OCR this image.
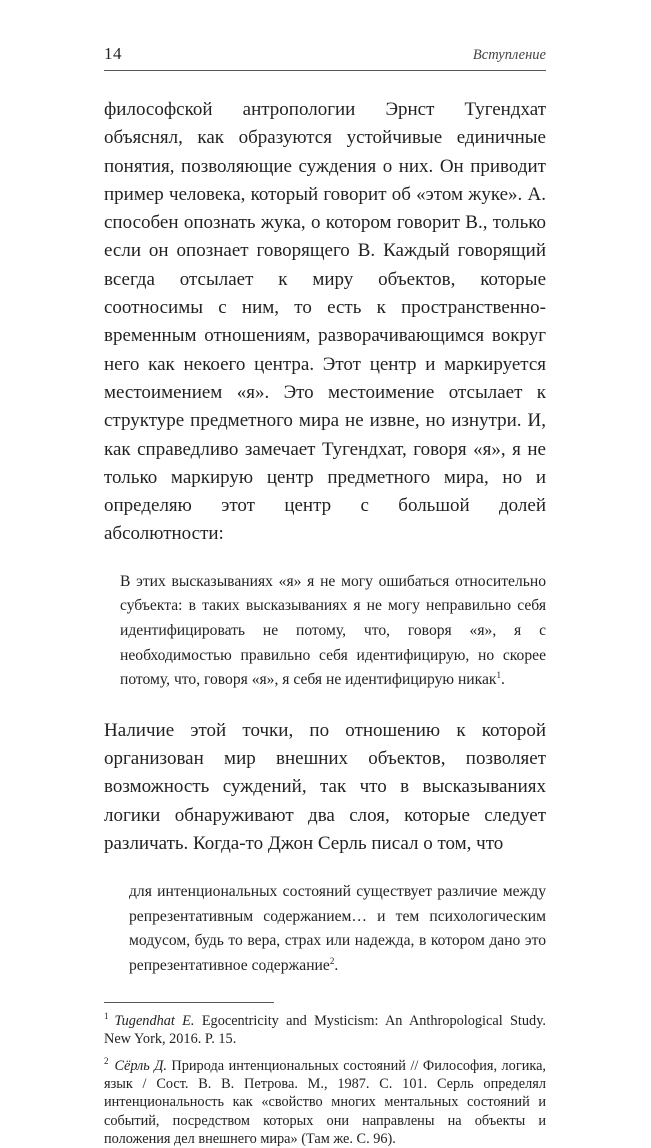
14	Вступление

философской антропологии Эрнст Тугендхат объяснял, как образуются устойчивые единичные понятия, позволяющие суждения о них. Он приводит пример человека, который говорит об «этом жуке». А. способен опознать жука, о котором говорит В., только если он опознает говорящего В. Каждый говорящий всегда отсылает к миру объектов, которые соотносимы с ним, то есть к пространственно-временным отношениям, разворачивающимся вокруг него как некоего центра. Этот центр и маркируется местоимением «я». Это местоимение отсылает к структуре предметного мира не извне, но изнутри. И, как справедливо замечает Тугендхат, говоря «я», я не только маркирую центр предметного мира, но и определяю этот центр с большой долей абсолютности:

В этих высказываниях «я» я не могу ошибаться относительно субъекта: в таких высказываниях я не могу неправильно себя идентифицировать не потому, что, говоря «я», я с необходимостью правильно себя идентифицирую, но скорее потому, что, говоря «я», я себя не идентифицирую никак$^1$.

Наличие этой точки, по отношению к которой организован мир внешних объектов, позволяет возможность суждений, так что в высказываниях логики обнаруживают два слоя, которые следует различать. Когда-то Джон Серль писал о том, что

для интенциональных состояний существует различие между репрезентативным содержанием… и тем психологическим модусом, будь то вера, страх или надежда, в котором дано это репрезентативное содержание$^2$.

$^1$ Tugendhat E. Egocentricity and Mysticism: An Anthropological Study. New York, 2016. P. 15.

$^2$ Сёрль Д. Природа интенциональных состояний // Философия, логика, язык / Сост. В. В. Петрова. М., 1987. С. 101. Серль определял интенциональность как «свойство многих ментальных состояний и событий, посредством которых они направлены на объекты и положения дел внешнего мира» (Там же. С. 96).
